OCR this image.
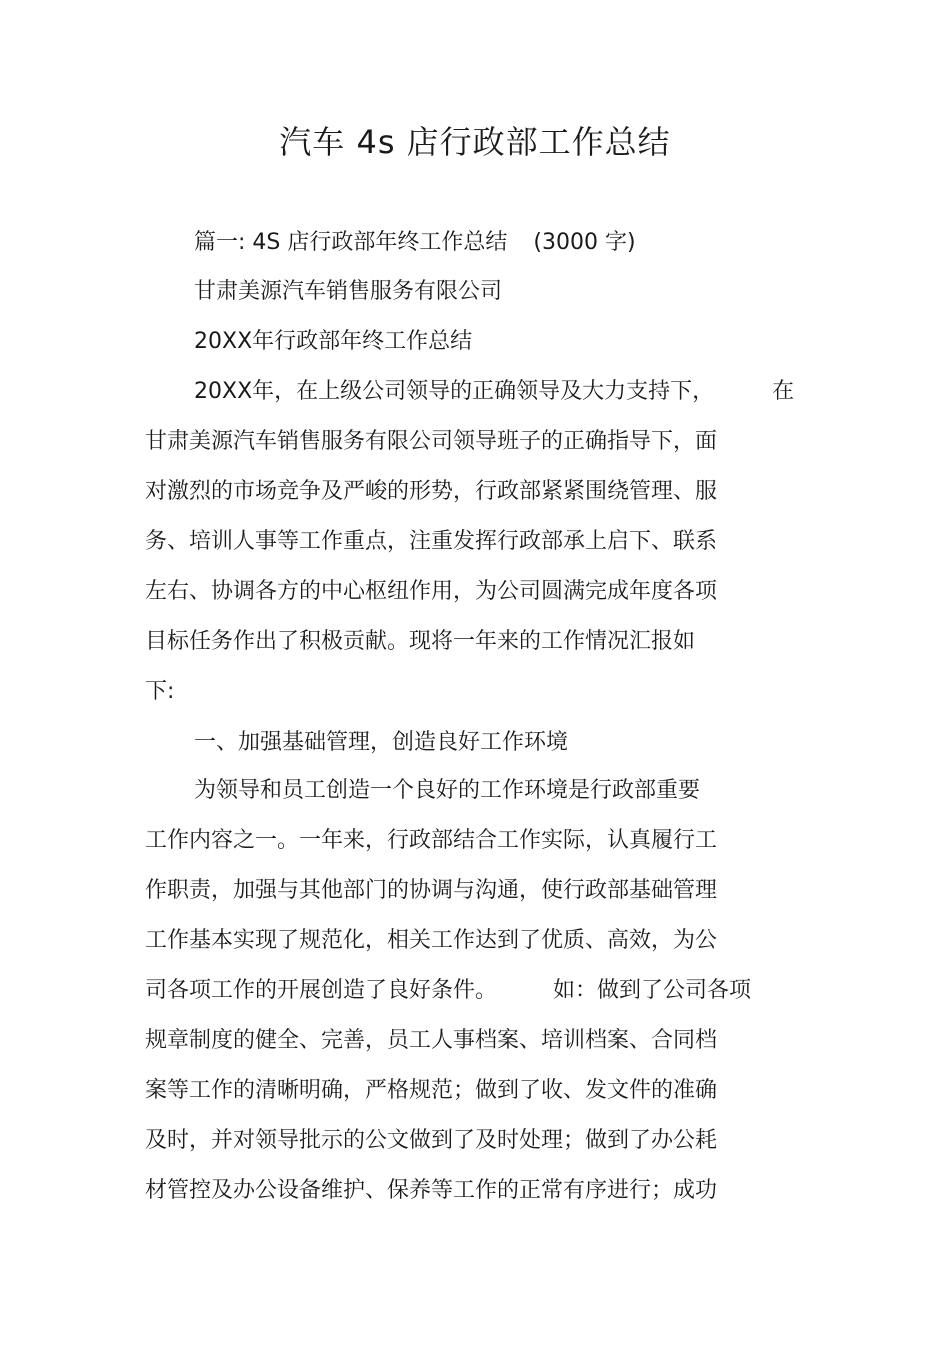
汽车 4s 店行政部工作总结
篇一: 4S 店行政部年终工作总结 (3000 字)
甘肃美源汽车销售服务有限公司
20XX年行政部年终工作总结
20XX年，在上级公司领导的正确领导及大力支持下，	在
甘肃美源汽车销售服务有限公司领导班子的正确指导下，面
对激烈的市场竞争及严峻的形势，行政部紧紧围绕管理、服
务、培训人事等工作重点，注重发挥行政部承上启下、联系
左右、协调各方的中心枢纽作用，为公司圆满完成年度各项
目标任务作出了积极贡献。现将一年来的工作情况汇报如
下:
一、加强基础管理，创造良好工作环境
为领导和员工创造一个良好的工作环境是行政部重要
工作内容之一。一年来，行政部结合工作实际，认真履行工
作职责，加强与其他部门的协调与沟通，使行政部基础管理
工作基本实现了规范化，相关工作达到了优质、高效，为公
司各项工作的开展创造了良好条件。	如：做到了公司各项
规章制度的健全、完善，员工人事档案、培训档案、合同档
案等工作的清晰明确，严格规范；做到了收、发文件的准确
及时，并对领导批示的公文做到了及时处理；做到了办公耗
材管控及办公设备维护、保养等工作的正常有序进行；成功
